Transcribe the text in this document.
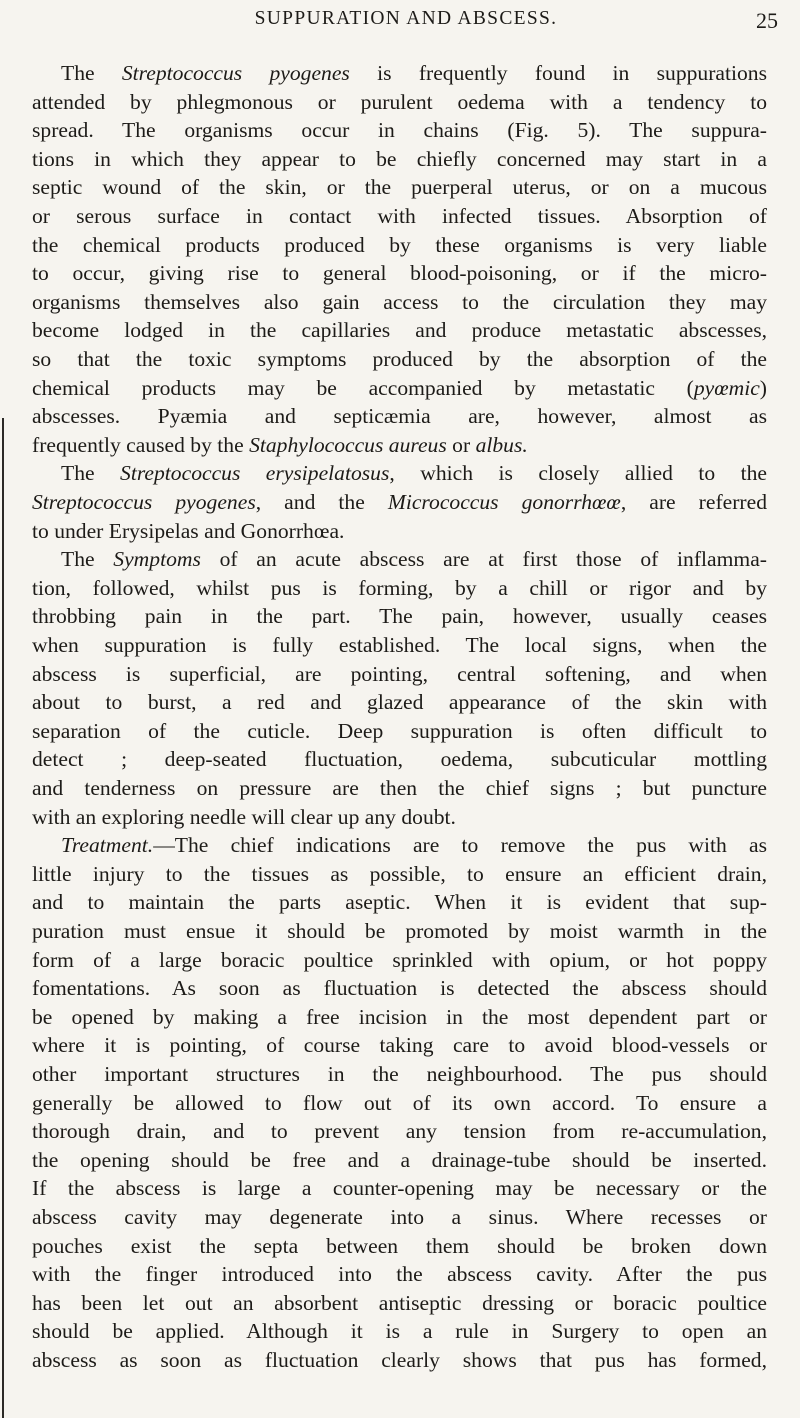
SUPPURATION AND ABSCESS.	25
The Streptococcus pyogenes is frequently found in suppurations
attended by phlegmonous or purulent oedema with a tendency to
spread. The organisms occur in chains (Fig. 5). The suppura-
tions in which they appear to be chiefly concerned may start in a
septic wound of the skin, or the puerperal uterus, or on a mucous
or serous surface in contact with infected tissues. Absorption of
the chemical products produced by these organisms is very liable
to occur, giving rise to general blood-poisoning, or if the micro-
organisms themselves also gain access to the circulation they may
become lodged in the capillaries and produce metastatic abscesses,
so that the toxic symptoms produced by the absorption of the
chemical products may be accompanied by metastatic (pyœmic)
abscesses. Pyæmia and septicæmia are, however, almost as
frequently caused by the Staphylococcus aureus or albus.
The Streptococcus erysipelatosus, which is closely allied to the
Streptococcus pyogenes, and the Micrococcus gonorrhœœ, are referred
to under Erysipelas and Gonorrhœa.
The Symptoms of an acute abscess are at first those of inflamma-
tion, followed, whilst pus is forming, by a chill or rigor and by
throbbing pain in the part. The pain, however, usually ceases
when suppuration is fully established. The local signs, when the
abscess is superficial, are pointing, central softening, and when
about to burst, a red and glazed appearance of the skin with
separation of the cuticle. Deep suppuration is often difficult to
detect ; deep-seated fluctuation, oedema, subcuticular mottling
and tenderness on pressure are then the chief signs ; but puncture
with an exploring needle will clear up any doubt.
Treatment.—The chief indications are to remove the pus with as
little injury to the tissues as possible, to ensure an efficient drain,
and to maintain the parts aseptic. When it is evident that sup-
puration must ensue it should be promoted by moist warmth in the
form of a large boracic poultice sprinkled with opium, or hot poppy
fomentations. As soon as fluctuation is detected the abscess should
be opened by making a free incision in the most dependent part or
where it is pointing, of course taking care to avoid blood-vessels or
other important structures in the neighbourhood. The pus should
generally be allowed to flow out of its own accord. To ensure a
thorough drain, and to prevent any tension from re-accumulation,
the opening should be free and a drainage-tube should be inserted.
If the abscess is large a counter-opening may be necessary or the
abscess cavity may degenerate into a sinus. Where recesses or
pouches exist the septa between them should be broken down
with the finger introduced into the abscess cavity. After the pus
has been let out an absorbent antiseptic dressing or boracic poultice
should be applied. Although it is a rule in Surgery to open an
abscess as soon as fluctuation clearly shows that pus has formed,
